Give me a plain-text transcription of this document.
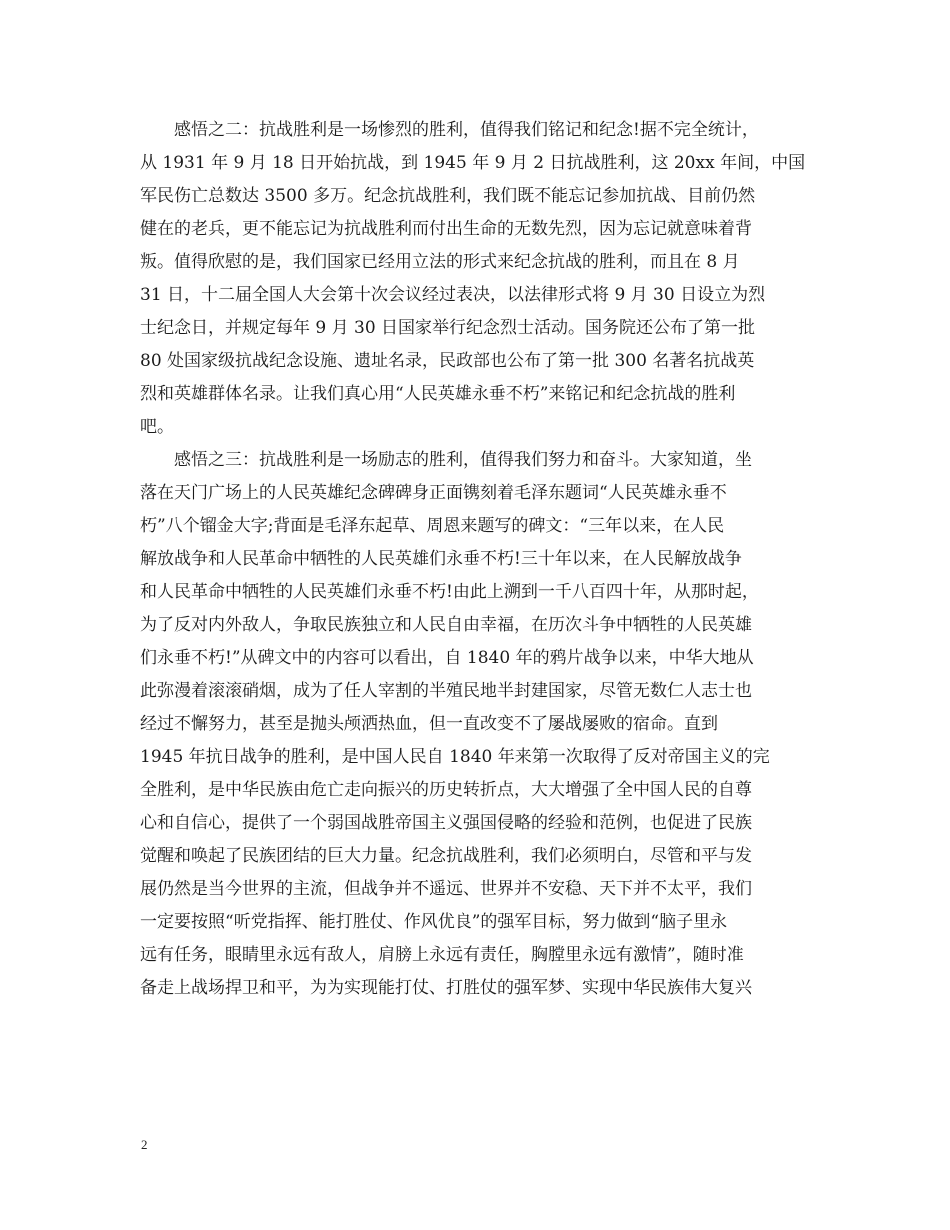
　　感悟之二：抗战胜利是一场惨烈的胜利，值得我们铭记和纪念!据不完全统计，
从 1931 年 9 月 18 日开始抗战，到 1945 年 9 月 2 日抗战胜利，这 20xx 年间，中国
军民伤亡总数达 3500 多万。纪念抗战胜利，我们既不能忘记参加抗战、目前仍然
健在的老兵，更不能忘记为抗战胜利而付出生命的无数先烈，因为忘记就意味着背
叛。值得欣慰的是，我们国家已经用立法的形式来纪念抗战的胜利，而且在 8 月
31 日，十二届全国人大会第十次会议经过表决，以法律形式将 9 月 30 日设立为烈
士纪念日，并规定每年 9 月 30 日国家举行纪念烈士活动。国务院还公布了第一批
80 处国家级抗战纪念设施、遗址名录，民政部也公布了第一批 300 名著名抗战英
烈和英雄群体名录。让我们真心用“人民英雄永垂不朽”来铭记和纪念抗战的胜利
吧。
　　感悟之三：抗战胜利是一场励志的胜利，值得我们努力和奋斗。大家知道，坐
落在天门广场上的人民英雄纪念碑碑身正面镌刻着毛泽东题词“人民英雄永垂不
朽”八个镏金大字;背面是毛泽东起草、周恩来题写的碑文：“三年以来，在人民
解放战争和人民革命中牺牲的人民英雄们永垂不朽!三十年以来，在人民解放战争
和人民革命中牺牲的人民英雄们永垂不朽!由此上溯到一千八百四十年，从那时起，
为了反对内外敌人，争取民族独立和人民自由幸福，在历次斗争中牺牲的人民英雄
们永垂不朽!”从碑文中的内容可以看出，自 1840 年的鸦片战争以来，中华大地从
此弥漫着滚滚硝烟，成为了任人宰割的半殖民地半封建国家，尽管无数仁人志士也
经过不懈努力，甚至是抛头颅洒热血，但一直改变不了屡战屡败的宿命。直到
1945 年抗日战争的胜利，是中国人民自 1840 年来第一次取得了反对帝国主义的完
全胜利，是中华民族由危亡走向振兴的历史转折点，大大增强了全中国人民的自尊
心和自信心，提供了一个弱国战胜帝国主义强国侵略的经验和范例，也促进了民族
觉醒和唤起了民族团结的巨大力量。纪念抗战胜利，我们必须明白，尽管和平与发
展仍然是当今世界的主流，但战争并不遥远、世界并不安稳、天下并不太平，我们
一定要按照“听党指挥、能打胜仗、作风优良”的强军目标，努力做到“脑子里永
远有任务，眼睛里永远有敌人，肩膀上永远有责任，胸膛里永远有激情”，随时准
备走上战场捍卫和平，为为实现能打仗、打胜仗的强军梦、实现中华民族伟大复兴
2
